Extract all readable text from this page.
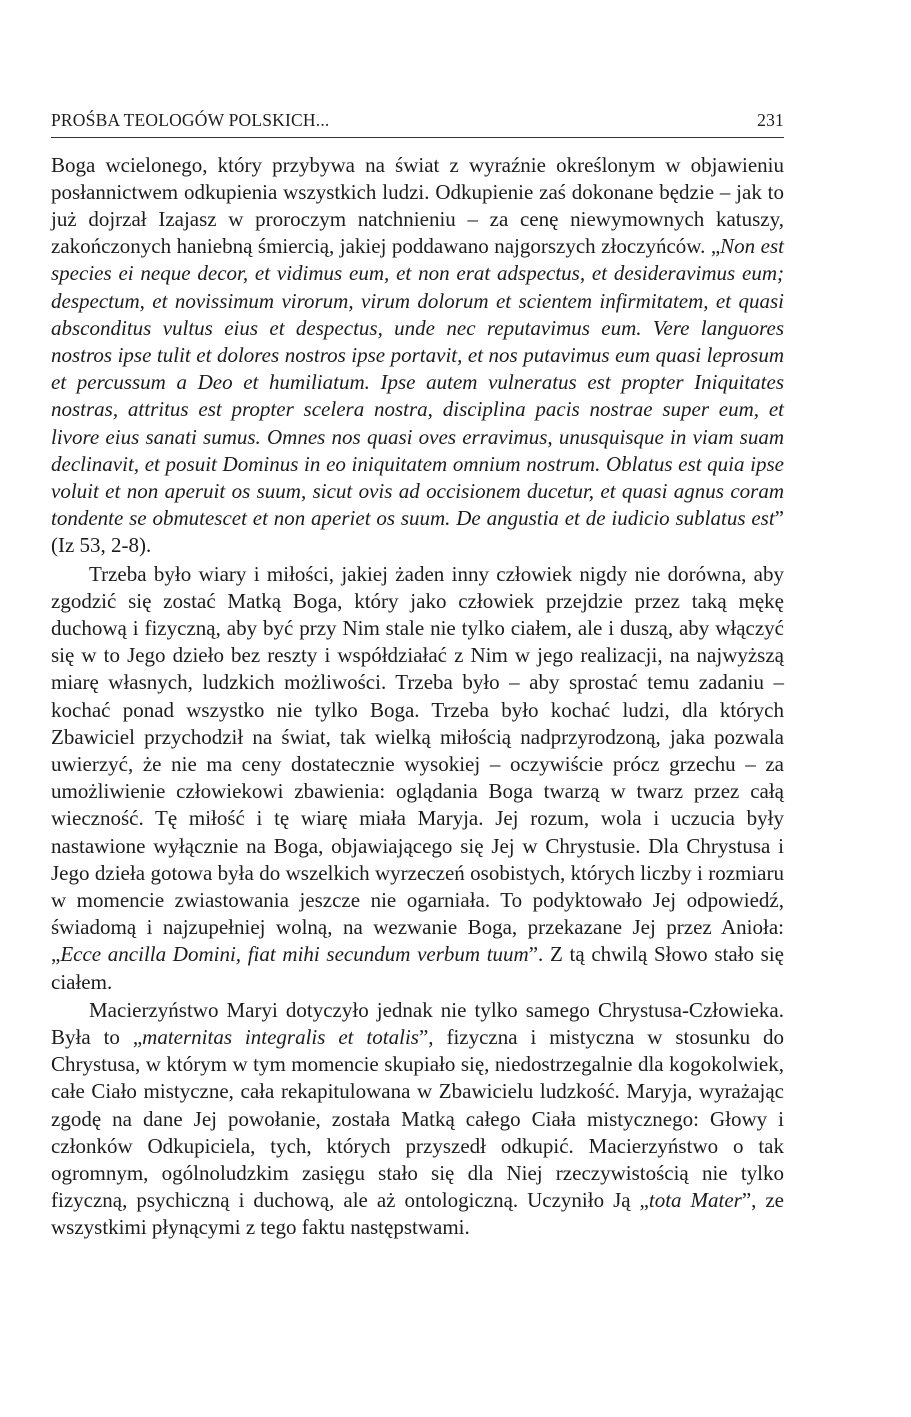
PROŚBA TEOLOGÓW POLSKICH...	231

Boga wcielonego, który przybywa na świat z wyraźnie określonym w objawieniu posłannictwem odkupienia wszystkich ludzi. Odkupienie zaś dokonane będzie – jak to już dojrzał Izajasz w proroczym natchnieniu – za cenę niewymownych katuszy, zakończonych haniebną śmiercią, jakiej poddawano najgorszych złoczyńców. „Non est species ei neque decor, et vidimus eum, et non erat adspectus, et desideravimus eum; despectum, et novissimum virorum, virum dolorum et scientem infirmitatem, et quasi absconditus vultus eius et despectus, unde nec reputavimus eum. Vere languores nostros ipse tulit et dolores nostros ipse portavit, et nos putavimus eum quasi leprosum et percussum a Deo et humiliatum. Ipse autem vulneratus est propter Iniquitates nostras, attritus est propter scelera nostra, disciplina pacis nostrae super eum, et livore eius sanati sumus. Omnes nos quasi oves erravimus, unusquisque in viam suam declinavit, et posuit Dominus in eo iniquitatem omnium nostrum. Oblatus est quia ipse voluit et non aperuit os suum, sicut ovis ad occisionem ducetur, et quasi agnus coram tondente se obmutescet et non aperiet os suum. De angustia et de iudicio sublatus est” (Iz 53, 2-8).

Trzeba było wiary i miłości, jakiej żaden inny człowiek nigdy nie dorówna, aby zgodzić się zostać Matką Boga, który jako człowiek przejdzie przez taką mękę duchową i fizyczną, aby być przy Nim stale nie tylko ciałem, ale i duszą, aby włączyć się w to Jego dzieło bez reszty i współdziałać z Nim w jego realizacji, na najwyższą miarę własnych, ludzkich możliwości. Trzeba było – aby sprostać temu zadaniu – kochać ponad wszystko nie tylko Boga. Trzeba było kochać ludzi, dla których Zbawiciel przychodził na świat, tak wielką miłością nadprzyrodzoną, jaka pozwala uwierzyć, że nie ma ceny dostatecznie wysokiej – oczywiście prócz grzechu – za umożliwienie człowiekowi zbawienia: oglądania Boga twarzą w twarz przez całą wieczność. Tę miłość i tę wiarę miała Maryja. Jej rozum, wola i uczucia były nastawione wyłącznie na Boga, objawiającego się Jej w Chrystusie. Dla Chrystusa i Jego dzieła gotowa była do wszelkich wyrzeczeń osobistych, których liczby i rozmiaru w momencie zwiastowania jeszcze nie ogarniała. To podyktowało Jej odpowiedź, świadomą i najzupełniej wolną, na wezwanie Boga, przekazane Jej przez Anioła: „Ecce ancilla Domini, fiat mihi secundum verbum tuum”. Z tą chwilą Słowo stało się ciałem.

Macierzyństwo Maryi dotyczyło jednak nie tylko samego Chrystusa-Człowieka. Była to „maternitas integralis et totalis”, fizyczna i mistyczna w stosunku do Chrystusa, w którym w tym momencie skupiało się, niedostrzegalnie dla kogokolwiek, całe Ciało mistyczne, cała rekapitulowana w Zbawicielu ludzkość. Maryja, wyrażając zgodę na dane Jej powołanie, została Matką całego Ciała mistycznego: Głowy i członków Odkupiciela, tych, których przyszedł odkupić. Macierzyństwo o tak ogromnym, ogólnoludzkim zasięgu stało się dla Niej rzeczywistością nie tylko fizyczną, psychiczną i duchową, ale aż ontologiczną. Uczyniło Ją „tota Mater”, ze wszystkimi płynącymi z tego faktu następstwami.
